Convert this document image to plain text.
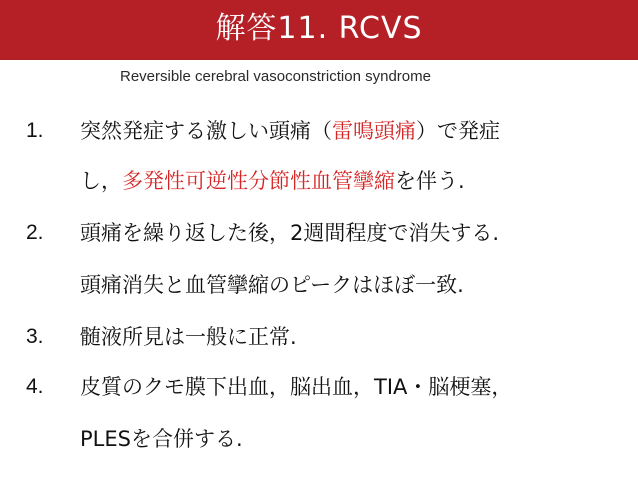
解答11. RCVS
Reversible cerebral vasoconstriction syndrome
1. 突然発症する激しい頭痛（雷鳴頭痛）で発症
し，多発性可逆性分節性血管攣縮を伴う.
2. 頭痛を繰り返した後，2週間程度で消失する.
頭痛消失と血管攣縮のピークはほぼ一致.
3. 髄液所見は一般に正常.
4. 皮質のクモ膜下出血，脳出血，TIA・脳梗塞，
PLESを合併する.
